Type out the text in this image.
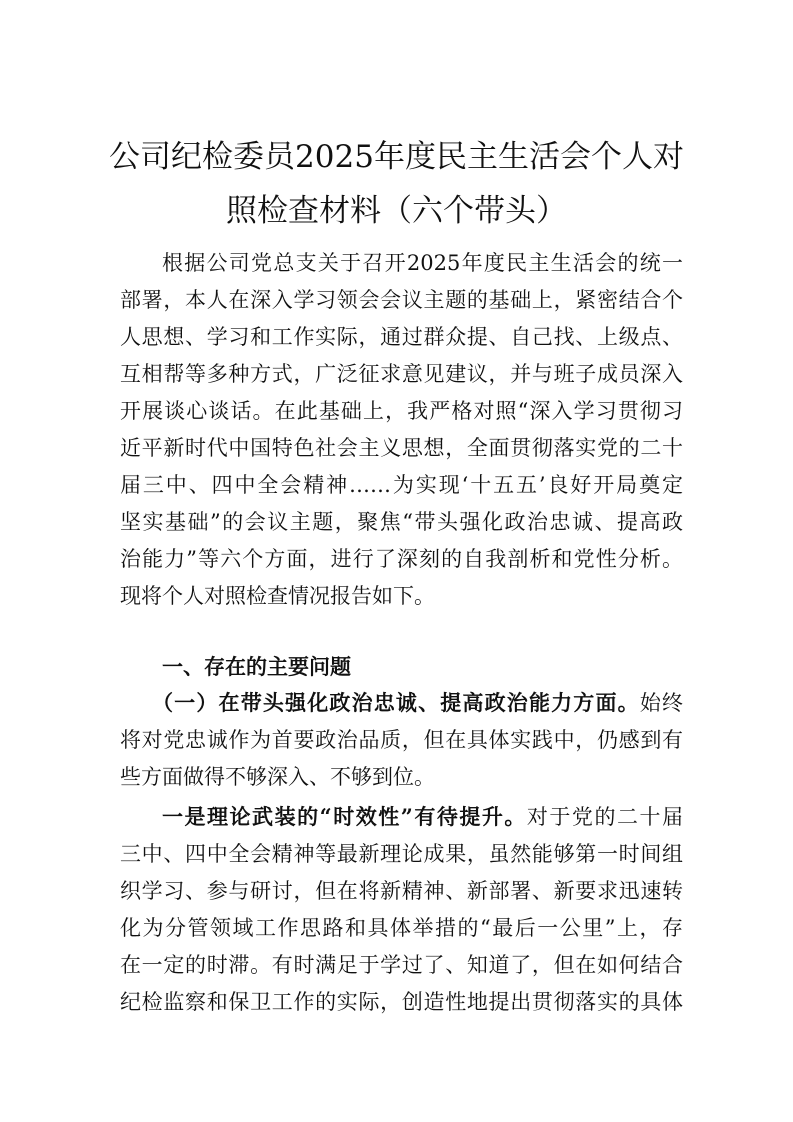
公司纪检委员2025年度民主生活会个人对
照检查材料（六个带头）
根据公司党总支关于召开2025年度民主生活会的统一
部署，本人在深入学习领会会议主题的基础上，紧密结合个
人思想、学习和工作实际，通过群众提、自己找、上级点、
互相帮等多种方式，广泛征求意见建议，并与班子成员深入
开展谈心谈话。在此基础上，我严格对照“深入学习贯彻习
近平新时代中国特色社会主义思想，全面贯彻落实党的二十
届三中、四中全会精神……为实现‘十五五’良好开局奠定
坚实基础”的会议主题，聚焦“带头强化政治忠诚、提高政
治能力”等六个方面，进行了深刻的自我剖析和党性分析。
现将个人对照检查情况报告如下。
一、存在的主要问题
（一）在带头强化政治忠诚、提高政治能力方面。始终
将对党忠诚作为首要政治品质，但在具体实践中，仍感到有
些方面做得不够深入、不够到位。
一是理论武装的“时效性”有待提升。对于党的二十届
三中、四中全会精神等最新理论成果，虽然能够第一时间组
织学习、参与研讨，但在将新精神、新部署、新要求迅速转
化为分管领域工作思路和具体举措的“最后一公里”上，存
在一定的时滞。有时满足于学过了、知道了，但在如何结合
纪检监察和保卫工作的实际，创造性地提出贯彻落实的具体
